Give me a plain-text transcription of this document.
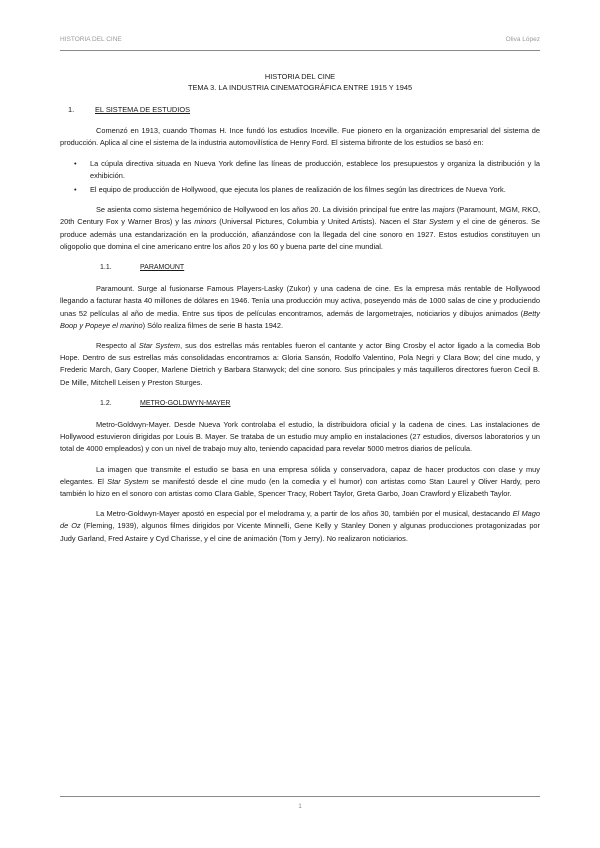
HISTORIA DEL CINE	Oliva López
HISTORIA DEL CINE
TEMA 3. LA INDUSTRIA CINEMATOGRÁFICA ENTRE 1915 Y 1945
1.	EL SISTEMA DE ESTUDIOS

Comenzó en 1913, cuando Thomas H. Ince fundó los estudios Inceville. Fue pionero en la organización empresarial del sistema de producción. Aplica al cine el sistema de la industria automovilística de Henry Ford. El sistema bifronte de los estudios se basó en:

• La cúpula directiva situada en Nueva York define las líneas de producción, establece los presupuestos y organiza la distribución y la exhibición.
• El equipo de producción de Hollywood, que ejecuta los planes de realización de los filmes según las directrices de Nueva York.

Se asienta como sistema hegemónico de Hollywood en los años 20. La división principal fue entre las majors (Paramount, MGM, RKO, 20th Century Fox y Warner Bros) y las minors (Universal Pictures, Columbia y United Artists). Nacen el Star System y el cine de géneros. Se produce además una estandarización en la producción, afianzándose con la llegada del cine sonoro en 1927. Estos estudios constituyen un oligopolio que domina el cine americano entre los años 20 y los 60 y buena parte del cine mundial.

1.1.	PARAMOUNT

Paramount. Surge al fusionarse Famous Players-Lasky (Zukor) y una cadena de cine. Es la empresa más rentable de Hollywood llegando a facturar hasta 40 millones de dólares en 1946. Tenía una producción muy activa, poseyendo más de 1000 salas de cine y produciendo unas 52 películas al año de media. Entre sus tipos de películas encontramos, además de largometrajes, noticiarios y dibujos animados (Betty Boop y Popeye el marino) Sólo realiza filmes de serie B hasta 1942.

Respecto al Star System, sus dos estrellas más rentables fueron el cantante y actor Bing Crosby el actor ligado a la comedia Bob Hope. Dentro de sus estrellas más consolidadas encontramos a: Gloria Sansón, Rodolfo Valentino, Pola Negri y Clara Bow; del cine mudo, y Frederic March, Gary Cooper, Marlene Dietrich y Barbara Stanwyck; del cine sonoro. Sus principales y más taquilleros directores fueron Cecil B. De Mille, Mitchell Leisen y Preston Sturges.

1.2.	METRO-GOLDWYN-MAYER

Metro-Goldwyn-Mayer. Desde Nueva York controlaba el estudio, la distribuidora oficial y la cadena de cines. Las instalaciones de Hollywood estuvieron dirigidas por Louis B. Mayer. Se trataba de un estudio muy amplio en instalaciones (27 estudios, diversos laboratorios y un total de 4000 empleados) y con un nivel de trabajo muy alto, teniendo capacidad para revelar 5000 metros diarios de película.

La imagen que transmite el estudio se basa en una empresa sólida y conservadora, capaz de hacer productos con clase y muy elegantes. El Star System se manifestó desde el cine mudo (en la comedia y el humor) con artistas como Stan Laurel y Oliver Hardy, pero también lo hizo en el sonoro con artistas como Clara Gable, Spencer Tracy, Robert Taylor, Greta Garbo, Joan Crawford y Elizabeth Taylor.

La Metro-Goldwyn-Mayer apostó en especial por el melodrama y, a partir de los años 30, también por el musical, destacando El Mago de Oz (Fleming, 1939), algunos filmes dirigidos por Vicente Minnelli, Gene Kelly y Stanley Donen y algunas producciones protagonizadas por Judy Garland, Fred Astaire y Cyd Charisse, y el cine de animación (Tom y Jerry). No realizaron noticiarios.

1
